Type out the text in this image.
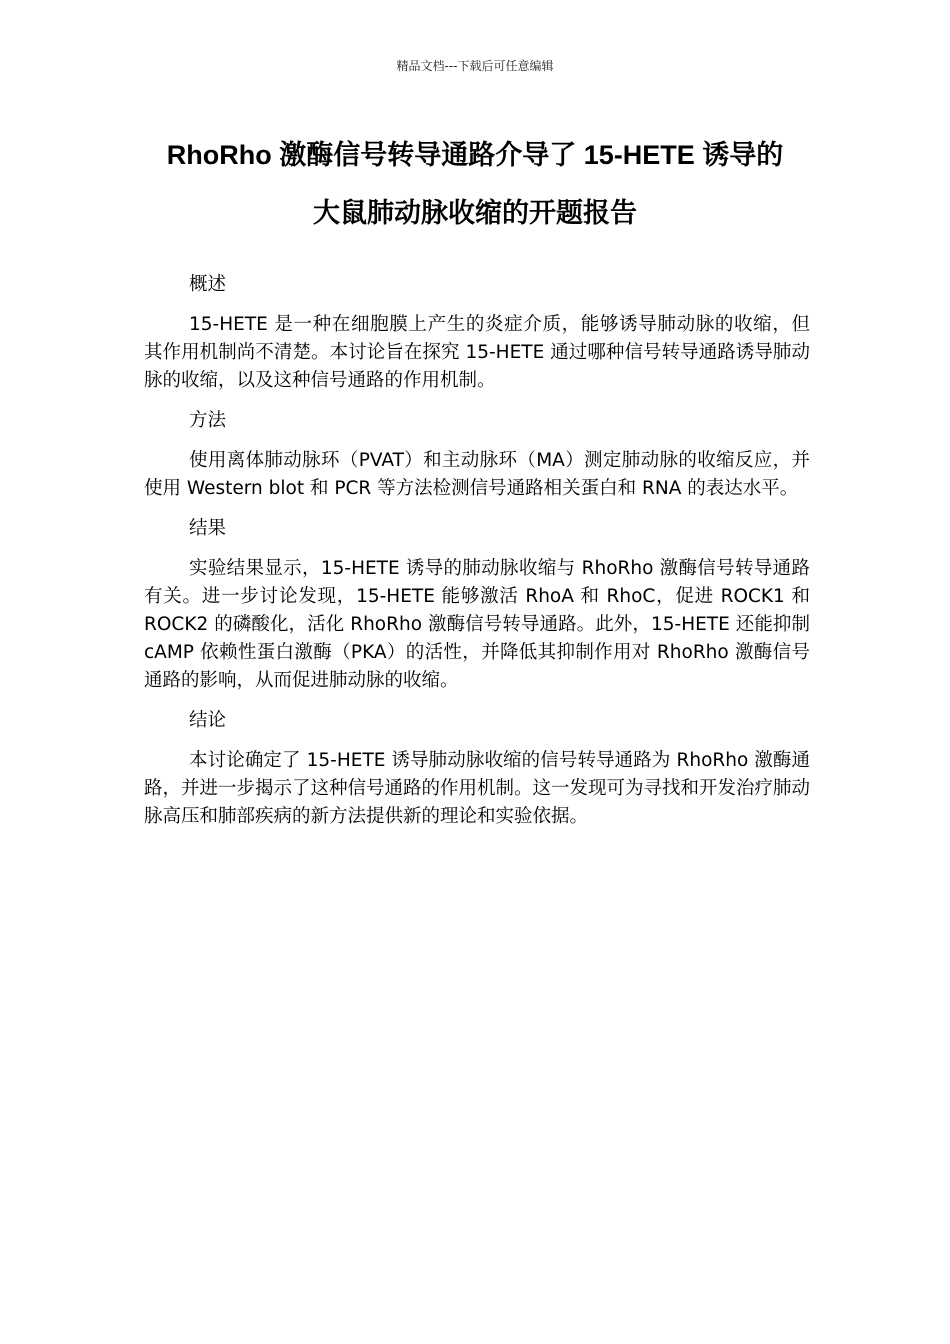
精品文档---下载后可任意编辑
RhoRho 激酶信号转导通路介导了 15-HETE 诱导的
大鼠肺动脉收缩的开题报告
概述

15-HETE 是一种在细胞膜上产生的炎症介质，能够诱导肺动脉的收缩，但其作用机制尚不清楚。本讨论旨在探究 15-HETE 通过哪种信号转导通路诱导肺动脉的收缩，以及这种信号通路的作用机制。

方法

使用离体肺动脉环（PVAT）和主动脉环（MA）测定肺动脉的收缩反应，并使用 Western blot 和 PCR 等方法检测信号通路相关蛋白和 RNA 的表达水平。

结果

实验结果显示，15-HETE 诱导的肺动脉收缩与 RhoRho 激酶信号转导通路有关。进一步讨论发现，15-HETE 能够激活 RhoA 和 RhoC，促进 ROCK1 和 ROCK2 的磷酸化，活化 RhoRho 激酶信号转导通路。此外，15-HETE 还能抑制 cAMP 依赖性蛋白激酶（PKA）的活性，并降低其抑制作用对 RhoRho 激酶信号通路的影响，从而促进肺动脉的收缩。

结论

本讨论确定了 15-HETE 诱导肺动脉收缩的信号转导通路为 RhoRho 激酶通路，并进一步揭示了这种信号通路的作用机制。这一发现可为寻找和开发治疗肺动脉高压和肺部疾病的新方法提供新的理论和实验依据。
